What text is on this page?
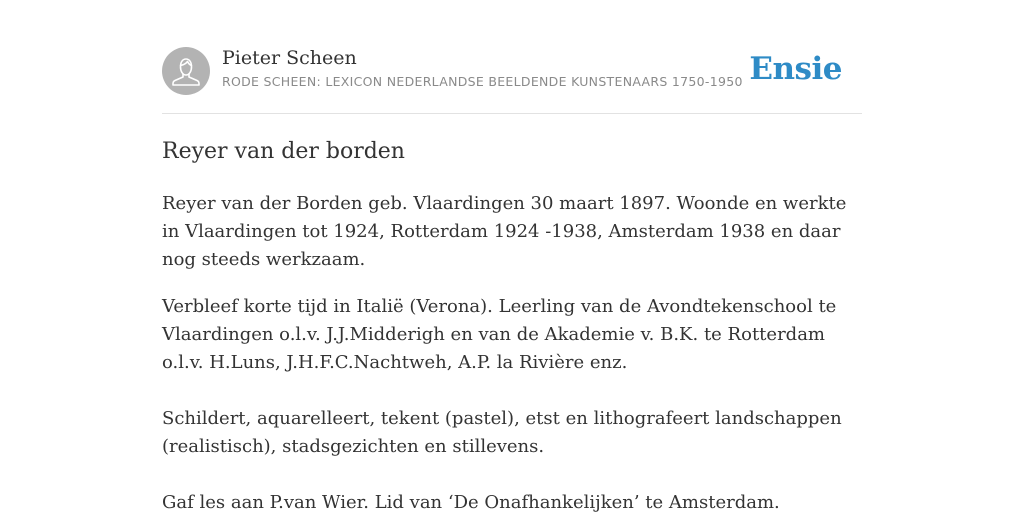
Pieter Scheen
RODE SCHEEN: LEXICON NEDERLANDSE BEELDENDE KUNSTENAARS 1750-1950 Ensie
Reyer van der borden

Reyer van der Borden geb. Vlaardingen 30 maart 1897. Woonde en werkte in Vlaardingen tot 1924, Rotterdam 1924 -1938, Amsterdam 1938 en daar nog steeds werkzaam.

Verbleef korte tijd in Italië (Verona). Leerling van de Avondtekenschool te Vlaardingen o.l.v. J.J.Midderigh en van de Akademie v. B.K. te Rotterdam o.l.v. H.Luns, J.H.F.C.Nachtweh, A.P. la Rivière enz.

Schildert, aquarelleert, tekent (pastel), etst en lithografeert landschappen (realistisch), stadsgezichten en stillevens.

Gaf les aan P.van Wier. Lid van ‘De Onafhankelijken’ te Amsterdam.
